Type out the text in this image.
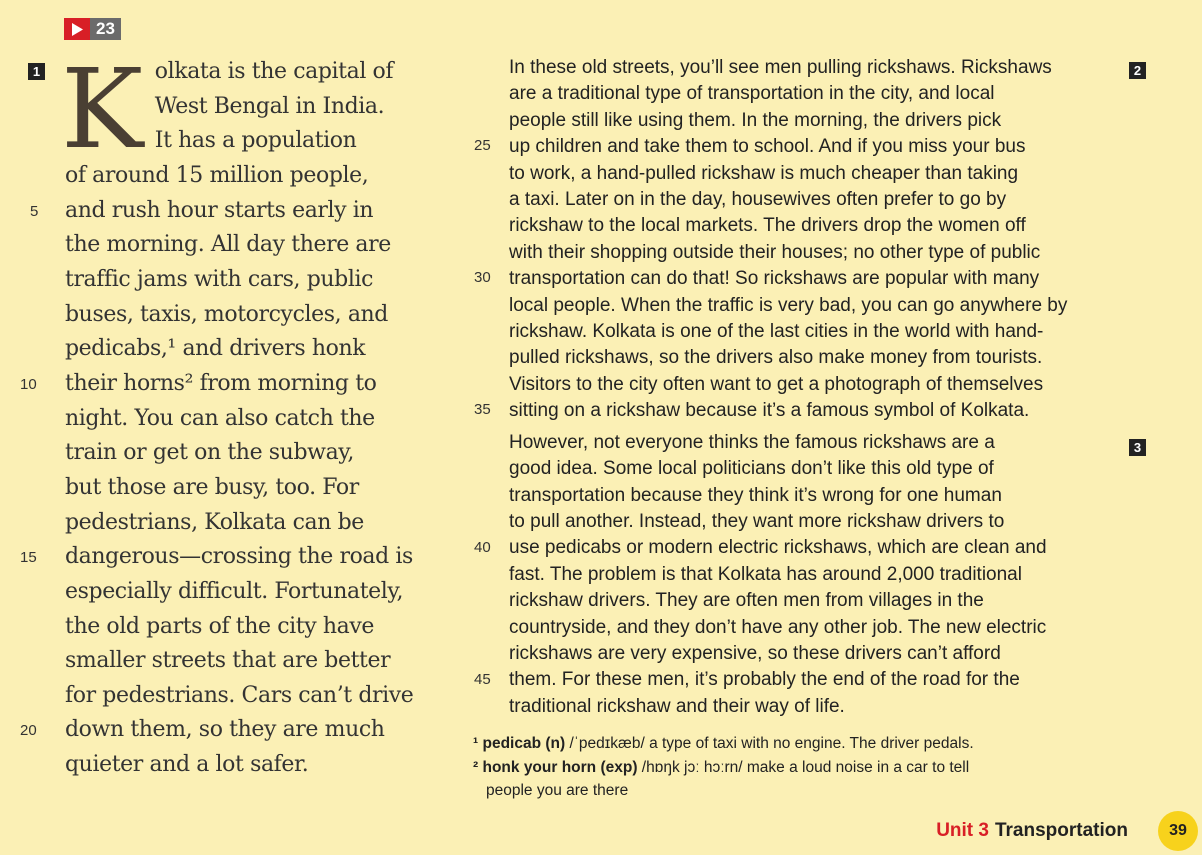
23
1	2
3
K olkata is the capital of
West Bengal in India.
It has a population
of around 15 million people,
and rush hour starts early in
the morning. All day there are
traffic jams with cars, public
buses, taxis, motorcycles, and
pedicabs,¹ and drivers honk
their horns² from morning to
night. You can also catch the
train or get on the subway,
but those are busy, too. For
pedestrians, Kolkata can be
dangerous—crossing the road is
especially difficult. Fortunately,
the old parts of the city have
smaller streets that are better
for pedestrians. Cars can’t drive
down them, so they are much
quieter and a lot safer.
5
10
15
20
25
30
35
40
45
In these old streets, you’ll see men pulling rickshaws. Rickshaws
are a traditional type of transportation in the city, and local
people still like using them. In the morning, the drivers pick
up children and take them to school. And if you miss your bus
to work, a hand-pulled rickshaw is much cheaper than taking
a taxi. Later on in the day, housewives often prefer to go by
rickshaw to the local markets. The drivers drop the women off
with their shopping outside their houses; no other type of public
transportation can do that! So rickshaws are popular with many
local people. When the traffic is very bad, you can go anywhere by
rickshaw. Kolkata is one of the last cities in the world with hand-
pulled rickshaws, so the drivers also make money from tourists.
Visitors to the city often want to get a photograph of themselves
sitting on a rickshaw because it’s a famous symbol of Kolkata.
However, not everyone thinks the famous rickshaws are a
good idea. Some local politicians don’t like this old type of
transportation because they think it’s wrong for one human
to pull another. Instead, they want more rickshaw drivers to
use pedicabs or modern electric rickshaws, which are clean and
fast. The problem is that Kolkata has around 2,000 traditional
rickshaw drivers. They are often men from villages in the
countryside, and they don’t have any other job. The new electric
rickshaws are very expensive, so these drivers can’t afford
them. For these men, it’s probably the end of the road for the
traditional rickshaw and their way of life.
¹ pedicab (n) /ˈpedɪkæb/ a type of taxi with no engine. The driver pedals.
² honk your horn (exp) /hɒŋk jɔː hɔːrn/ make a loud noise in a car to tell
people you are there
Unit 3 Transportation	39
